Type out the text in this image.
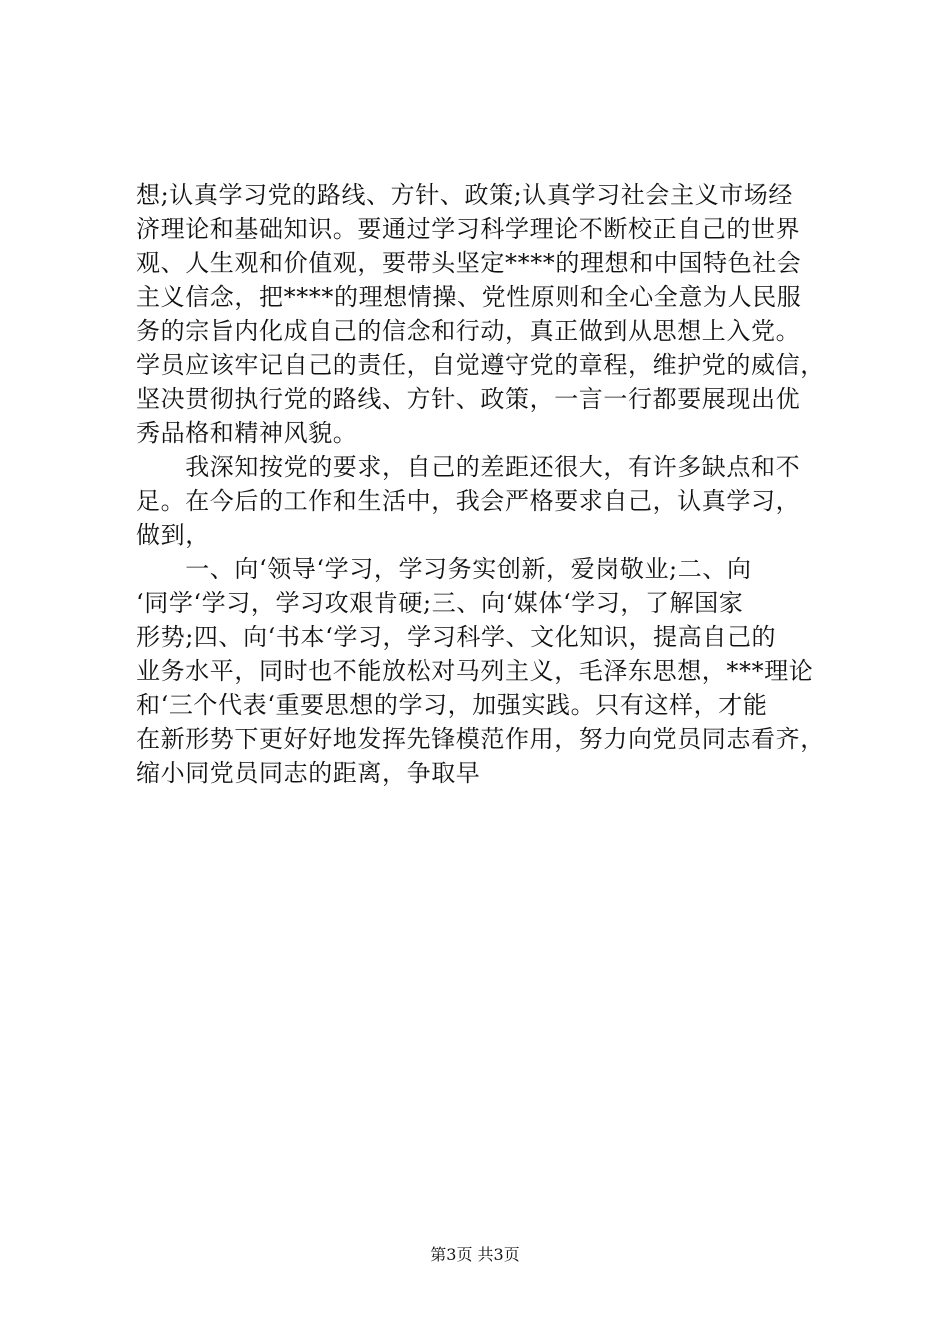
想;认真学习党的路线、方针、政策;认真学习社会主义市场经
济理论和基础知识。要通过学习科学理论不断校正自己的世界
观、人生观和价值观，要带头坚定****的理想和中国特色社会
主义信念，把****的理想情操、党性原则和全心全意为人民服
务的宗旨内化成自己的信念和行动，真正做到从思想上入党。
学员应该牢记自己的责任，自觉遵守党的章程，维护党的威信，
坚决贯彻执行党的路线、方针、政策，一言一行都要展现出优
秀品格和精神风貌。
　　我深知按党的要求，自己的差距还很大，有许多缺点和不
足。在今后的工作和生活中，我会严格要求自己，认真学习，
做到，
　　一、向‘领导‘学习，学习务实创新，爱岗敬业;二、向
‘同学‘学习，学习攻艰肯硬;三、向‘媒体‘学习，了解国家
形势;四、向‘书本‘学习，学习科学、文化知识，提高自己的
业务水平，同时也不能放松对马列主义，毛泽东思想，***理论
和‘三个代表‘重要思想的学习，加强实践。只有这样，才能
在新形势下更好好地发挥先锋模范作用，努力向党员同志看齐，
缩小同党员同志的距离，争取早
第3页 共3页
